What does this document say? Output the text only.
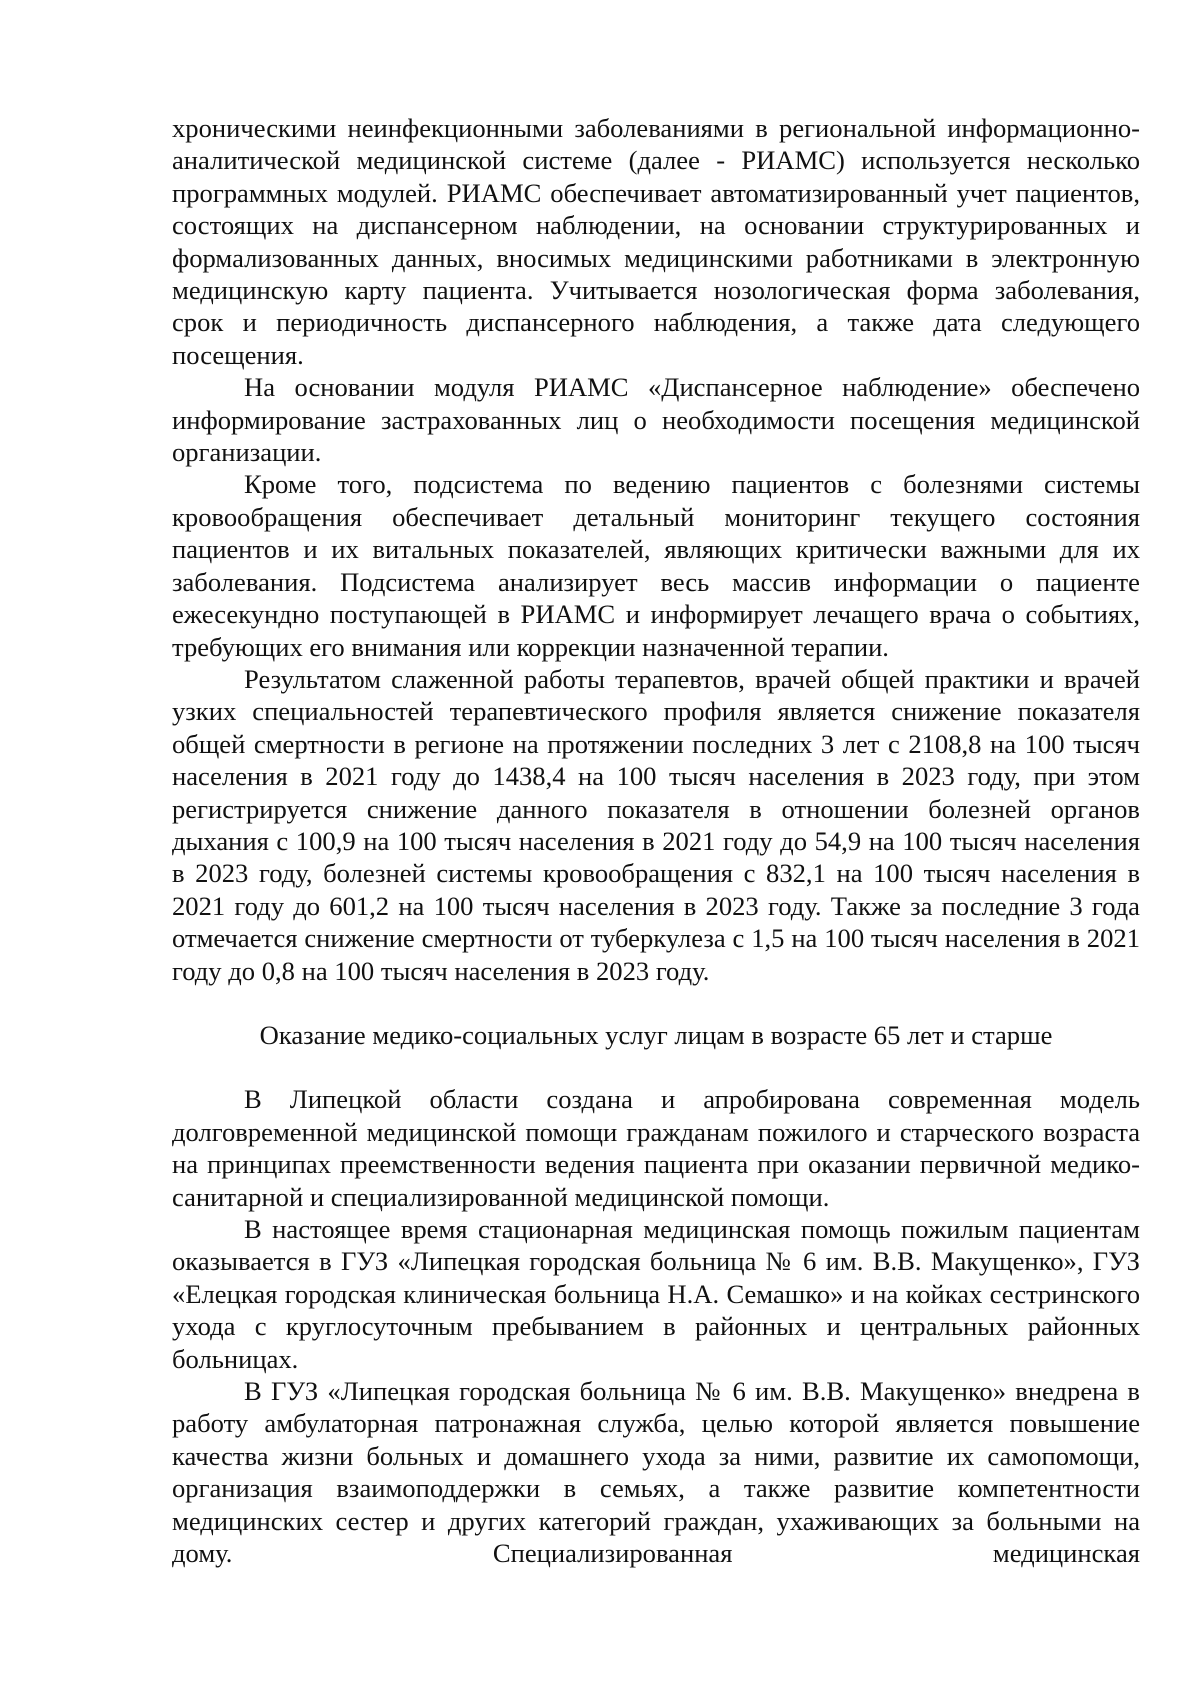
хроническими неинфекционными заболеваниями в региональной информационно-аналитической медицинской системе (далее - РИАМС) используется несколько программных модулей. РИАМС обеспечивает автоматизированный учет пациентов, состоящих на диспансерном наблюдении, на основании структурированных и формализованных данных, вносимых медицинскими работниками в электронную медицинскую карту пациента. Учитывается нозологическая форма заболевания, срок и периодичность диспансерного наблюдения, а также дата следующего посещения.

На основании модуля РИАМС «Диспансерное наблюдение» обеспечено информирование застрахованных лиц о необходимости посещения медицинской организации.

Кроме того, подсистема по ведению пациентов с болезнями системы кровообращения обеспечивает детальный мониторинг текущего состояния пациентов и их витальных показателей, являющих критически важными для их заболевания. Подсистема анализирует весь массив информации о пациенте ежесекундно поступающей в РИАМС и информирует лечащего врача о событиях, требующих его внимания или коррекции назначенной терапии.

Результатом слаженной работы терапевтов, врачей общей практики и врачей узких специальностей терапевтического профиля является снижение показателя общей смертности в регионе на протяжении последних 3 лет с 2108,8 на 100 тысяч населения в 2021 году до 1438,4 на 100 тысяч населения в 2023 году, при этом регистрируется снижение данного показателя в отношении болезней органов дыхания с 100,9 на 100 тысяч населения в 2021 году до 54,9 на 100 тысяч населения в 2023 году, болезней системы кровообращения с 832,1 на 100 тысяч населения в 2021 году до 601,2 на 100 тысяч населения в 2023 году. Также за последние 3 года отмечается снижение смертности от туберкулеза с 1,5 на 100 тысяч населения в 2021 году до 0,8 на 100 тысяч населения в 2023 году.

Оказание медико-социальных услуг лицам в возрасте 65 лет и старше

В Липецкой области создана и апробирована современная модель долговременной медицинской помощи гражданам пожилого и старческого возраста на принципах преемственности ведения пациента при оказании первичной медико-санитарной и специализированной медицинской помощи.

В настоящее время стационарная медицинская помощь пожилым пациентам оказывается в ГУЗ «Липецкая городская больница № 6 им. В.В. Макущенко», ГУЗ «Елецкая городская клиническая больница Н.А. Семашко» и на койках сестринского ухода с круглосуточным пребыванием в районных и центральных районных больницах.

В ГУЗ «Липецкая городская больница № 6 им. В.В. Макущенко» внедрена в работу амбулаторная патронажная служба, целью которой является повышение качества жизни больных и домашнего ухода за ними, развитие их самопомощи, организация взаимоподдержки в семьях, а также развитие компетентности медицинских сестер и других категорий граждан, ухаживающих за больными на дому. Специализированная медицинская
